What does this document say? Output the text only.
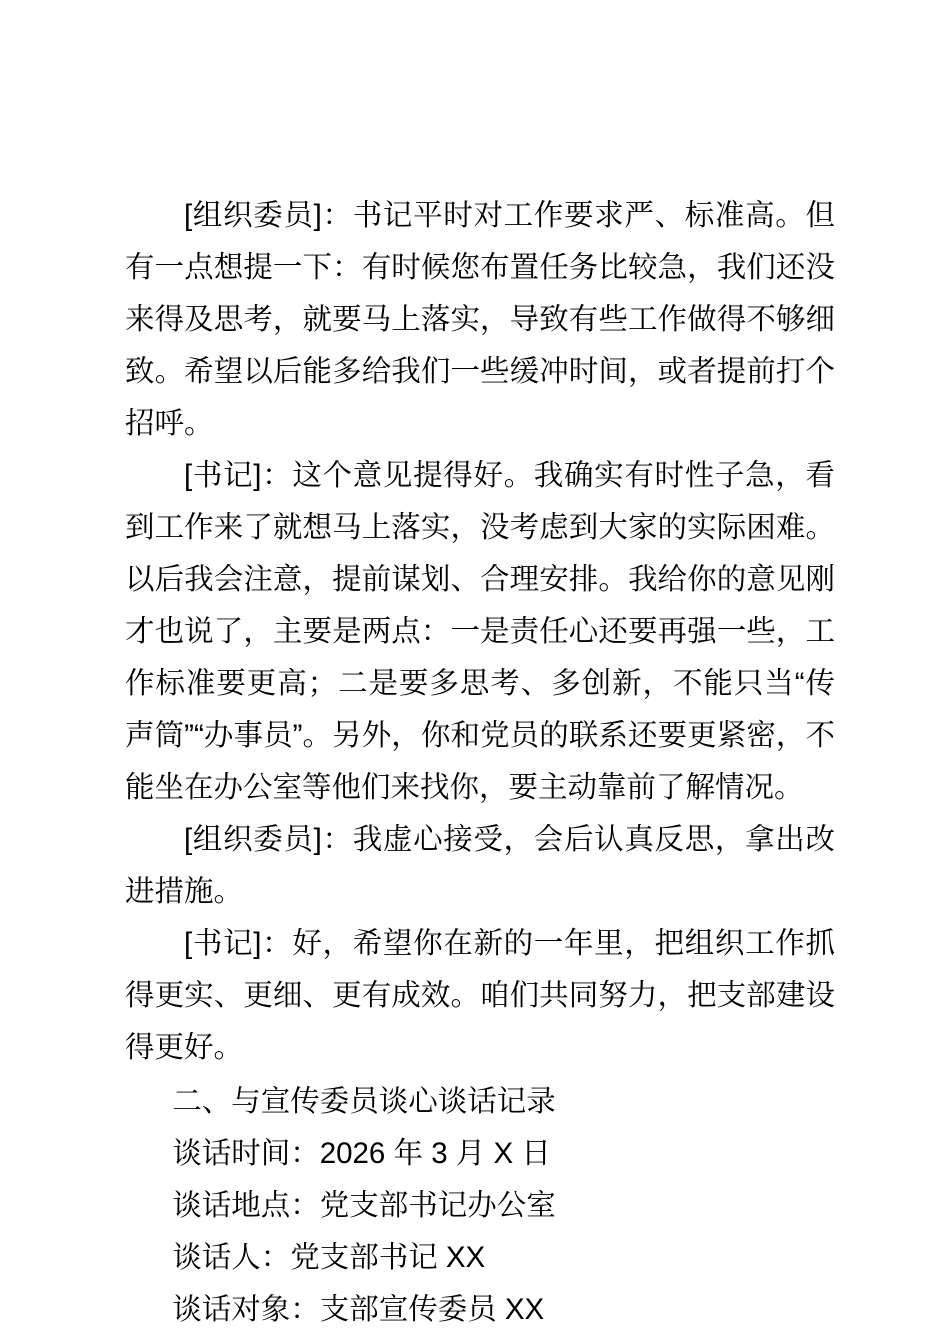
[组织委员]：书记平时对工作要求严、标准高。但有一点想提一下：有时候您布置任务比较急，我们还没来得及思考，就要马上落实，导致有些工作做得不够细致。希望以后能多给我们一些缓冲时间，或者提前打个招呼。

[书记]：这个意见提得好。我确实有时性子急，看到工作来了就想马上落实，没考虑到大家的实际困难。以后我会注意，提前谋划、合理安排。我给你的意见刚才也说了，主要是两点：一是责任心还要再强一些，工作标准要更高；二是要多思考、多创新，不能只当“传声筒”“办事员”。另外，你和党员的联系还要更紧密，不能坐在办公室等他们来找你，要主动靠前了解情况。

[组织委员]：我虚心接受，会后认真反思，拿出改进措施。

[书记]：好，希望你在新的一年里，把组织工作抓得更实、更细、更有成效。咱们共同努力，把支部建设得更好。

二、与宣传委员谈心谈话记录

谈话时间：2026 年 3 月 X 日

谈话地点：党支部书记办公室

谈话人：党支部书记 XX

谈话对象：支部宣传委员 XX
